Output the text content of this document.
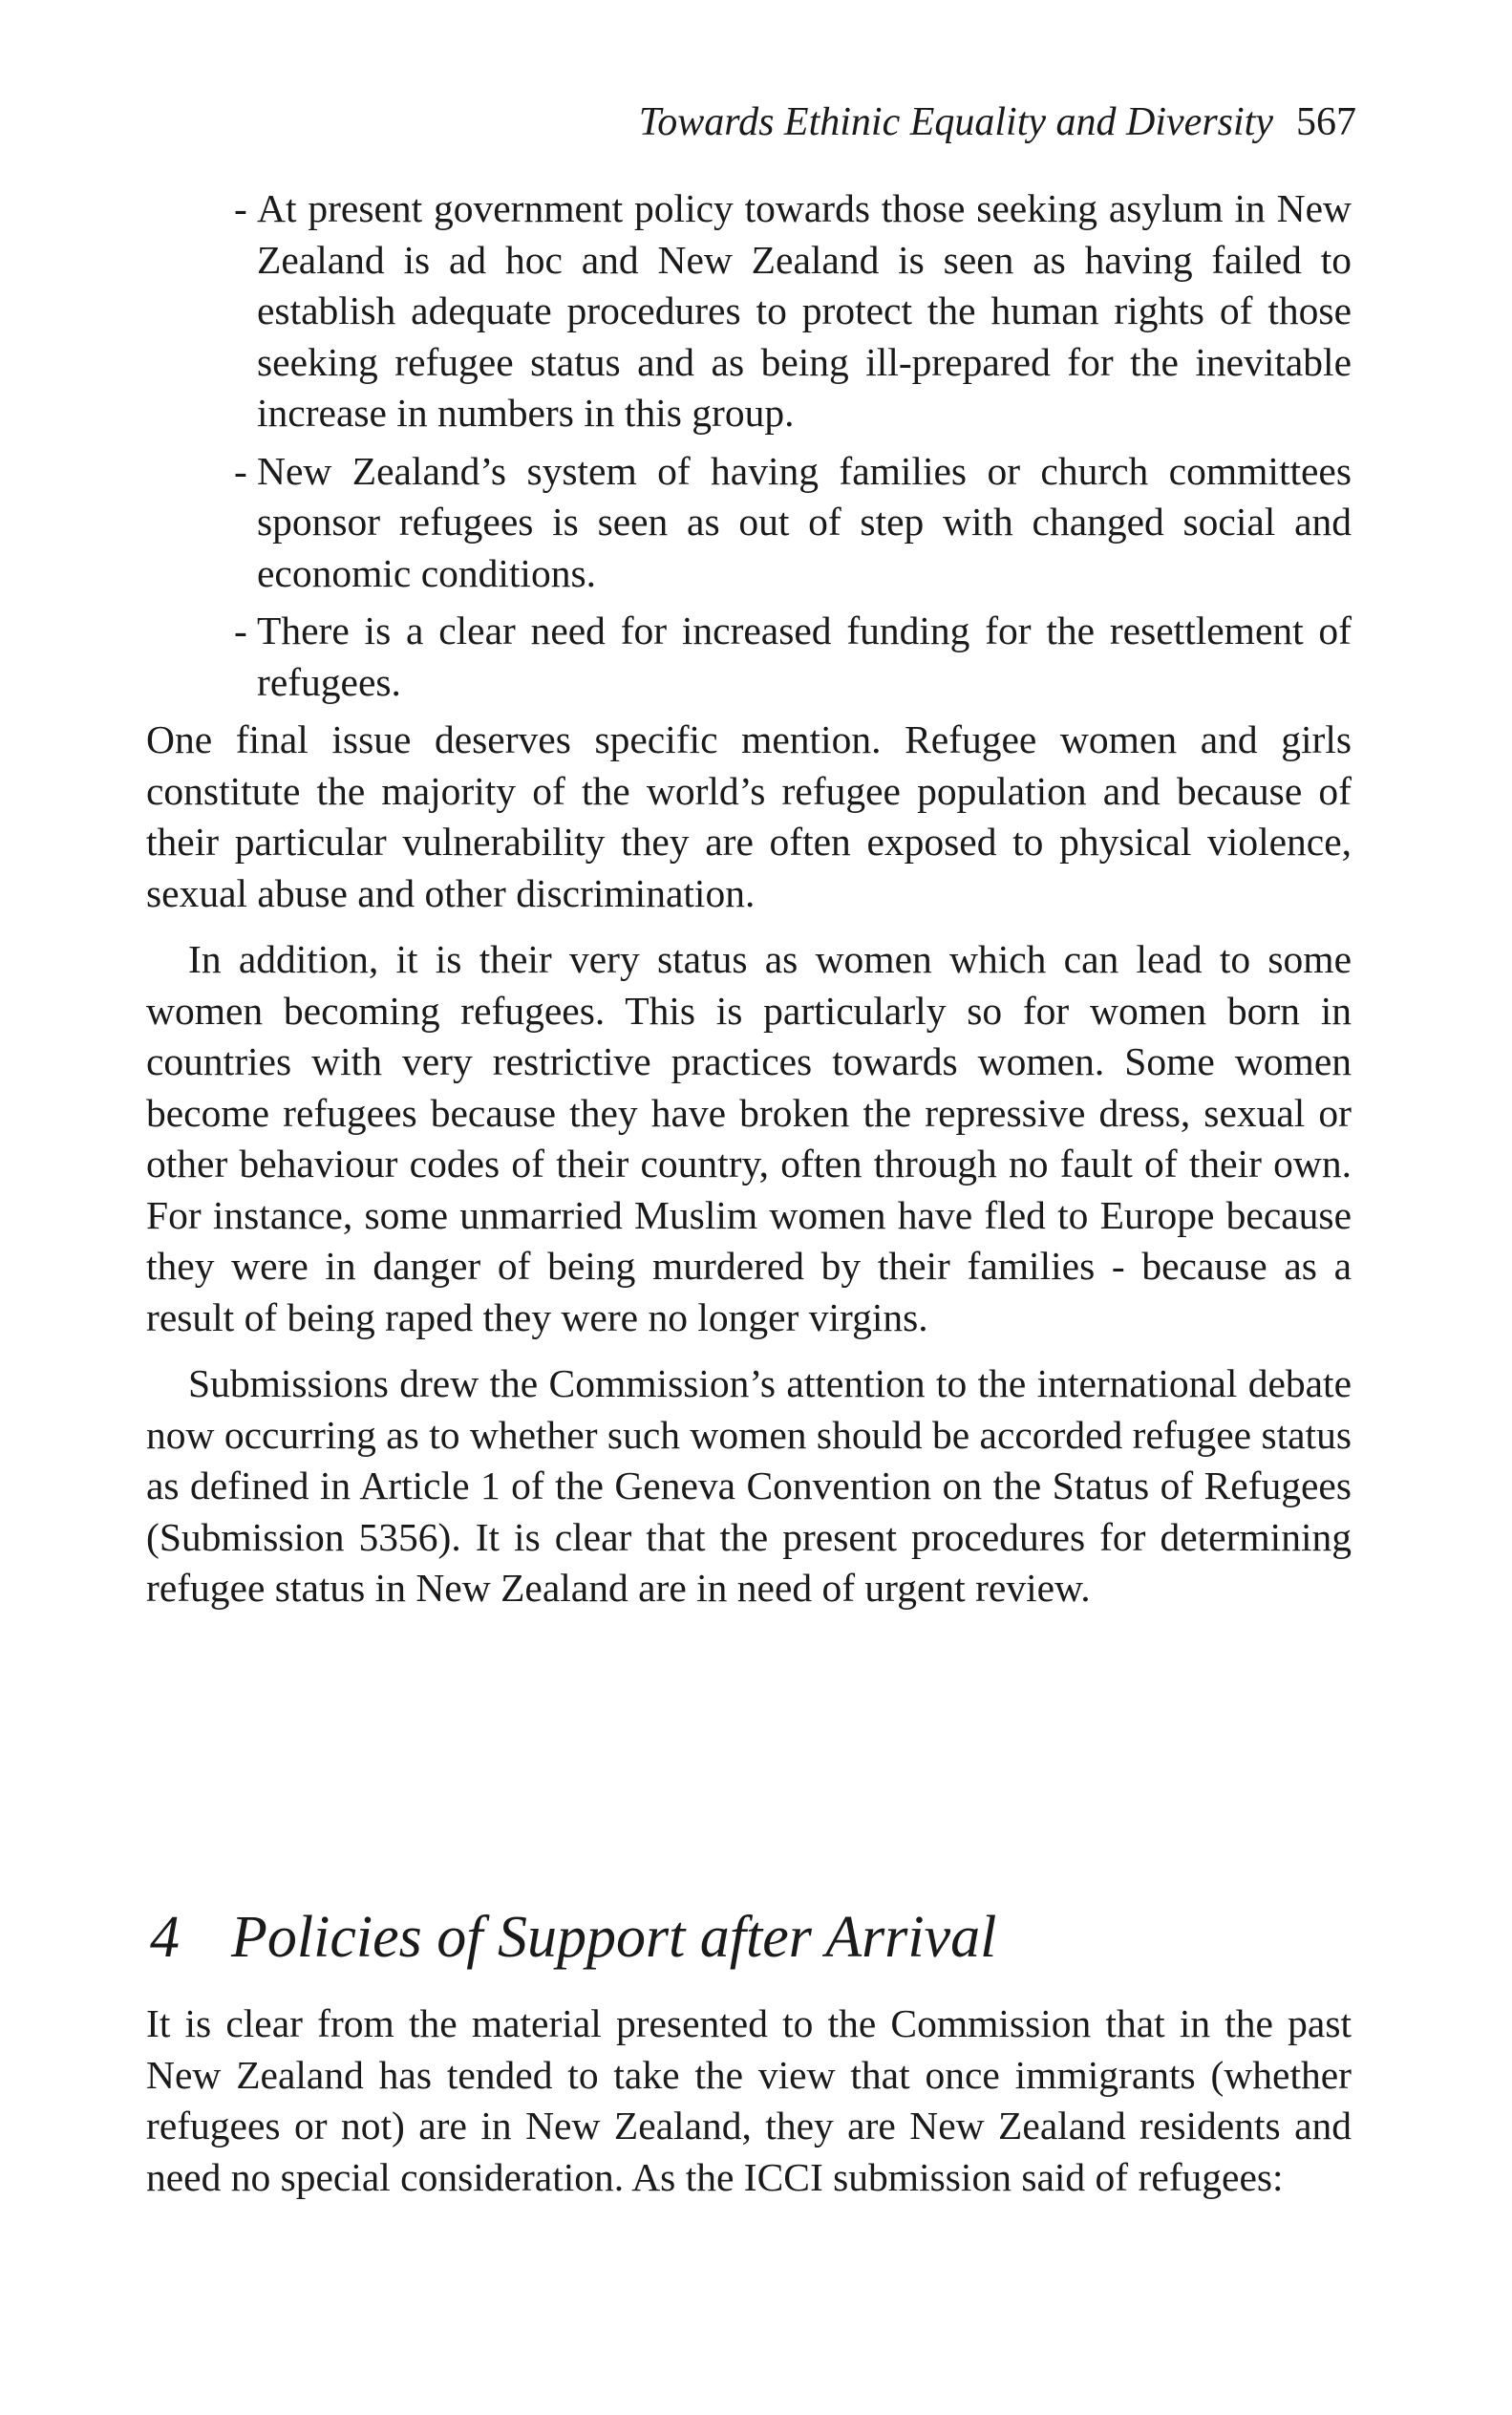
Towards Ethinic Equality and Diversity 567
- At present government policy towards those seeking asylum in New Zealand is ad hoc and New Zealand is seen as having failed to establish adequate procedures to protect the human rights of those seeking refugee status and as being ill-prepared for the inevitable increase in numbers in this group.
- New Zealand’s system of having families or church committees sponsor refugees is seen as out of step with changed social and economic conditions.
- There is a clear need for increased funding for the resettlement of refugees.

One final issue deserves specific mention. Refugee women and girls constitute the majority of the world’s refugee population and because of their particular vulnerability they are often exposed to physical violence, sexual abuse and other discrimination.

In addition, it is their very status as women which can lead to some women becoming refugees. This is particularly so for women born in countries with very restrictive practices towards women. Some women become refugees because they have broken the repressive dress, sexual or other behaviour codes of their country, often through no fault of their own. For instance, some unmarried Muslim women have fled to Europe because they were in danger of being murdered by their families - because as a result of being raped they were no longer virgins.

Submissions drew the Commission’s attention to the international debate now occurring as to whether such women should be accorded refugee status as defined in Article 1 of the Geneva Convention on the Status of Refugees (Submission 5356). It is clear that the present procedures for determining refugee status in New Zealand are in need of urgent review.

4 Policies of Support after Arrival

It is clear from the material presented to the Commission that in the past New Zealand has tended to take the view that once immigrants (whether refugees or not) are in New Zealand, they are New Zealand residents and need no special consideration. As the ICCI submission said of refugees:
